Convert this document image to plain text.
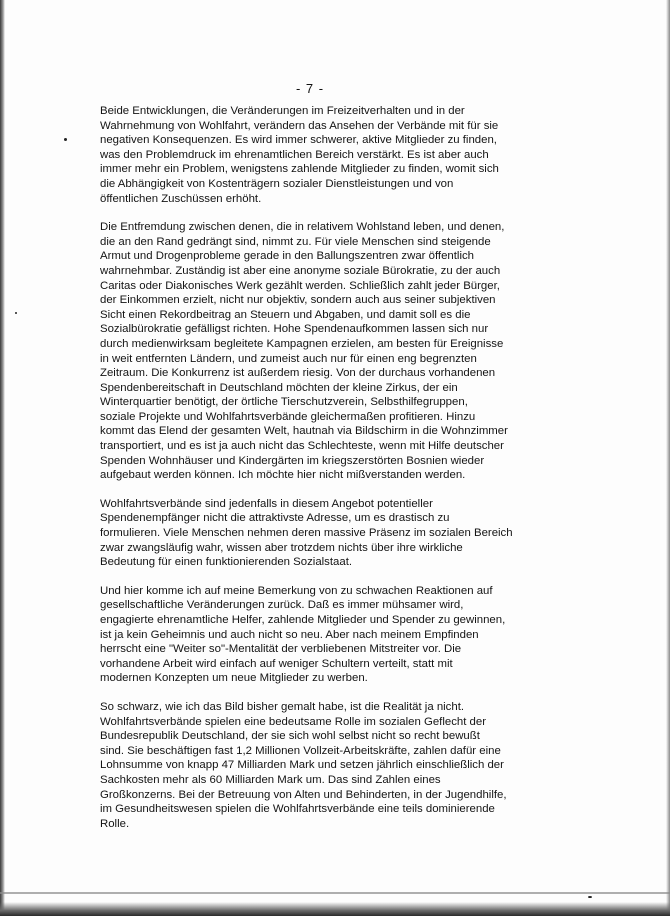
- 7 -

Beide Entwicklungen, die Veränderungen im Freizeitverhalten und in der
Wahrnehmung von Wohlfahrt, verändern das Ansehen der Verbände mit für sie
negativen Konsequenzen. Es wird immer schwerer, aktive Mitglieder zu finden,
was den Problemdruck im ehrenamtlichen Bereich verstärkt. Es ist aber auch
immer mehr ein Problem, wenigstens zahlende Mitglieder zu finden, womit sich
die Abhängigkeit von Kostenträgern sozialer Dienstleistungen und von
öffentlichen Zuschüssen erhöht.

Die Entfremdung zwischen denen, die in relativem Wohlstand leben, und denen,
die an den Rand gedrängt sind, nimmt zu. Für viele Menschen sind steigende
Armut und Drogenprobleme gerade in den Ballungszentren zwar öffentlich
wahrnehmbar. Zuständig ist aber eine anonyme soziale Bürokratie, zu der auch
Caritas oder Diakonisches Werk gezählt werden. Schließlich zahlt jeder Bürger,
der Einkommen erzielt, nicht nur objektiv, sondern auch aus seiner subjektiven
Sicht einen Rekordbeitrag an Steuern und Abgaben, und damit soll es die
Sozialbürokratie gefälligst richten. Hohe Spendenaufkommen lassen sich nur
durch medienwirksam begleitete Kampagnen erzielen, am besten für Ereignisse
in weit entfernten Ländern, und zumeist auch nur für einen eng begrenzten
Zeitraum. Die Konkurrenz ist außerdem riesig. Von der durchaus vorhandenen
Spendenbereitschaft in Deutschland möchten der kleine Zirkus, der ein
Winterquartier benötigt, der örtliche Tierschutzverein, Selbsthilfegruppen,
soziale Projekte und Wohlfahrtsverbände gleichermaßen profitieren. Hinzu
kommt das Elend der gesamten Welt, hautnah via Bildschirm in die Wohnzimmer
transportiert, und es ist ja auch nicht das Schlechteste, wenn mit Hilfe deutscher
Spenden Wohnhäuser und Kindergärten im kriegszerstörten Bosnien wieder
aufgebaut werden können. Ich möchte hier nicht mißverstanden werden.

Wohlfahrtsverbände sind jedenfalls in diesem Angebot potentieller
Spendenempfänger nicht die attraktivste Adresse, um es drastisch zu
formulieren. Viele Menschen nehmen deren massive Präsenz im sozialen Bereich
zwar zwangsläufig wahr, wissen aber trotzdem nichts über ihre wirkliche
Bedeutung für einen funktionierenden Sozialstaat.

Und hier komme ich auf meine Bemerkung von zu schwachen Reaktionen auf
gesellschaftliche Veränderungen zurück. Daß es immer mühsamer wird,
engagierte ehrenamtliche Helfer, zahlende Mitglieder und Spender zu gewinnen,
ist ja kein Geheimnis und auch nicht so neu. Aber nach meinem Empfinden
herrscht eine "Weiter so"-Mentalität der verbliebenen Mitstreiter vor. Die
vorhandene Arbeit wird einfach auf weniger Schultern verteilt, statt mit
modernen Konzepten um neue Mitglieder zu werben.

So schwarz, wie ich das Bild bisher gemalt habe, ist die Realität ja nicht.
Wohlfahrtsverbände spielen eine bedeutsame Rolle im sozialen Geflecht der
Bundesrepublik Deutschland, der sie sich wohl selbst nicht so recht bewußt
sind. Sie beschäftigen fast 1,2 Millionen Vollzeit-Arbeitskräfte, zahlen dafür eine
Lohnsumme von knapp 47 Milliarden Mark und setzen jährlich einschließlich der
Sachkosten mehr als 60 Milliarden Mark um. Das sind Zahlen eines
Großkonzerns. Bei der Betreuung von Alten und Behinderten, in der Jugendhilfe,
im Gesundheitswesen spielen die Wohlfahrtsverbände eine teils dominierende
Rolle.
